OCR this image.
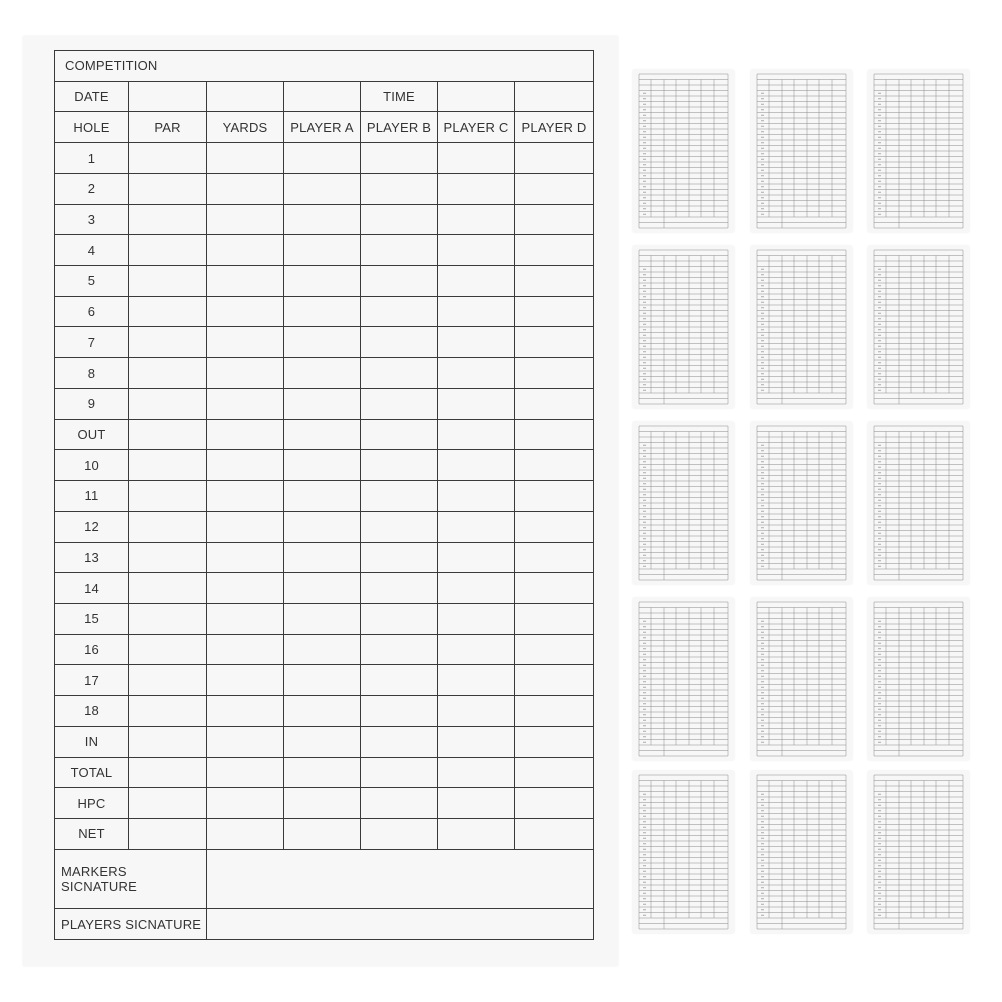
COMPETITION						
DATE				TIME		
HOLE	PAR	YARDS	PLAYER A	PLAYER B	PLAYER C	PLAYER D
1						
2						
3						
4						
5						
6						
7						
8						
9						
OUT						
10						
11						
12						
13						
14						
15						
16						
17						
18						
IN						
TOTAL						
HPC						
NET						
MARKERS SICNATURE						
PLAYERS SICNATURE						
